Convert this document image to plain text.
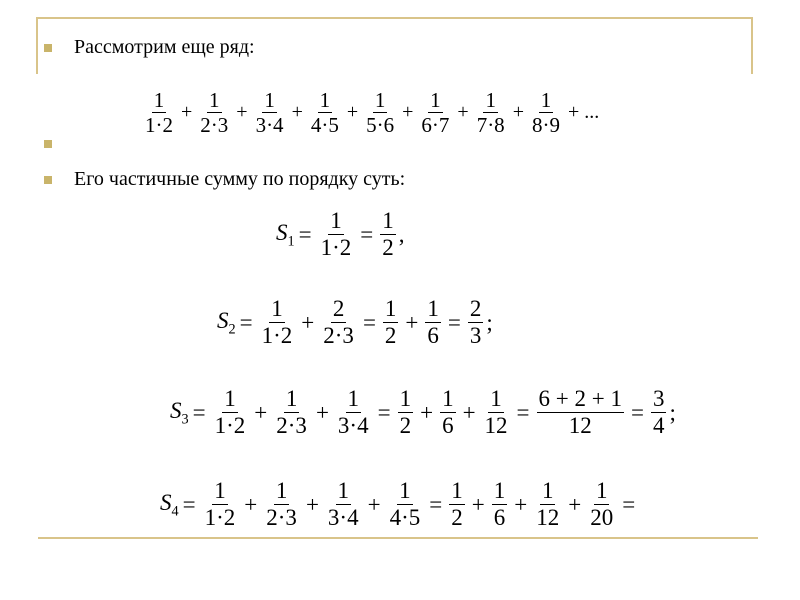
Рассмотрим еще ряд:
$\frac{1}{1\cdot 2} + \frac{1}{2\cdot 3} + \frac{1}{3\cdot 4} + \frac{1}{4\cdot 5} + \frac{1}{5\cdot 6} + \frac{1}{6\cdot 7} + \frac{1}{7\cdot 8} + \frac{1}{8\cdot 9}$ + ...
Его частичные сумму по порядку суть:
$S_1 = \frac{1}{1\cdot 2} = \frac{1}{2}$ ,
$S_2 = \frac{1}{1\cdot 2} + \frac{2}{2\cdot 3} = \frac{1}{2} + \frac{1}{6} = \frac{2}{3}$ ;
$S_3 = \frac{1}{1\cdot 2} + \frac{1}{2\cdot 3} + \frac{1}{3\cdot 4} = \frac{1}{2} + \frac{1}{6} + \frac{1}{12} = \frac{6 + 2 + 1}{12} = \frac{3}{4}$ ;
$S_4 = \frac{1}{1\cdot 2} + \frac{1}{2\cdot 3} + \frac{1}{3\cdot 4} + \frac{1}{4\cdot 5} = \frac{1}{2} + \frac{1}{6} + \frac{1}{12} + \frac{1}{20}$ =
